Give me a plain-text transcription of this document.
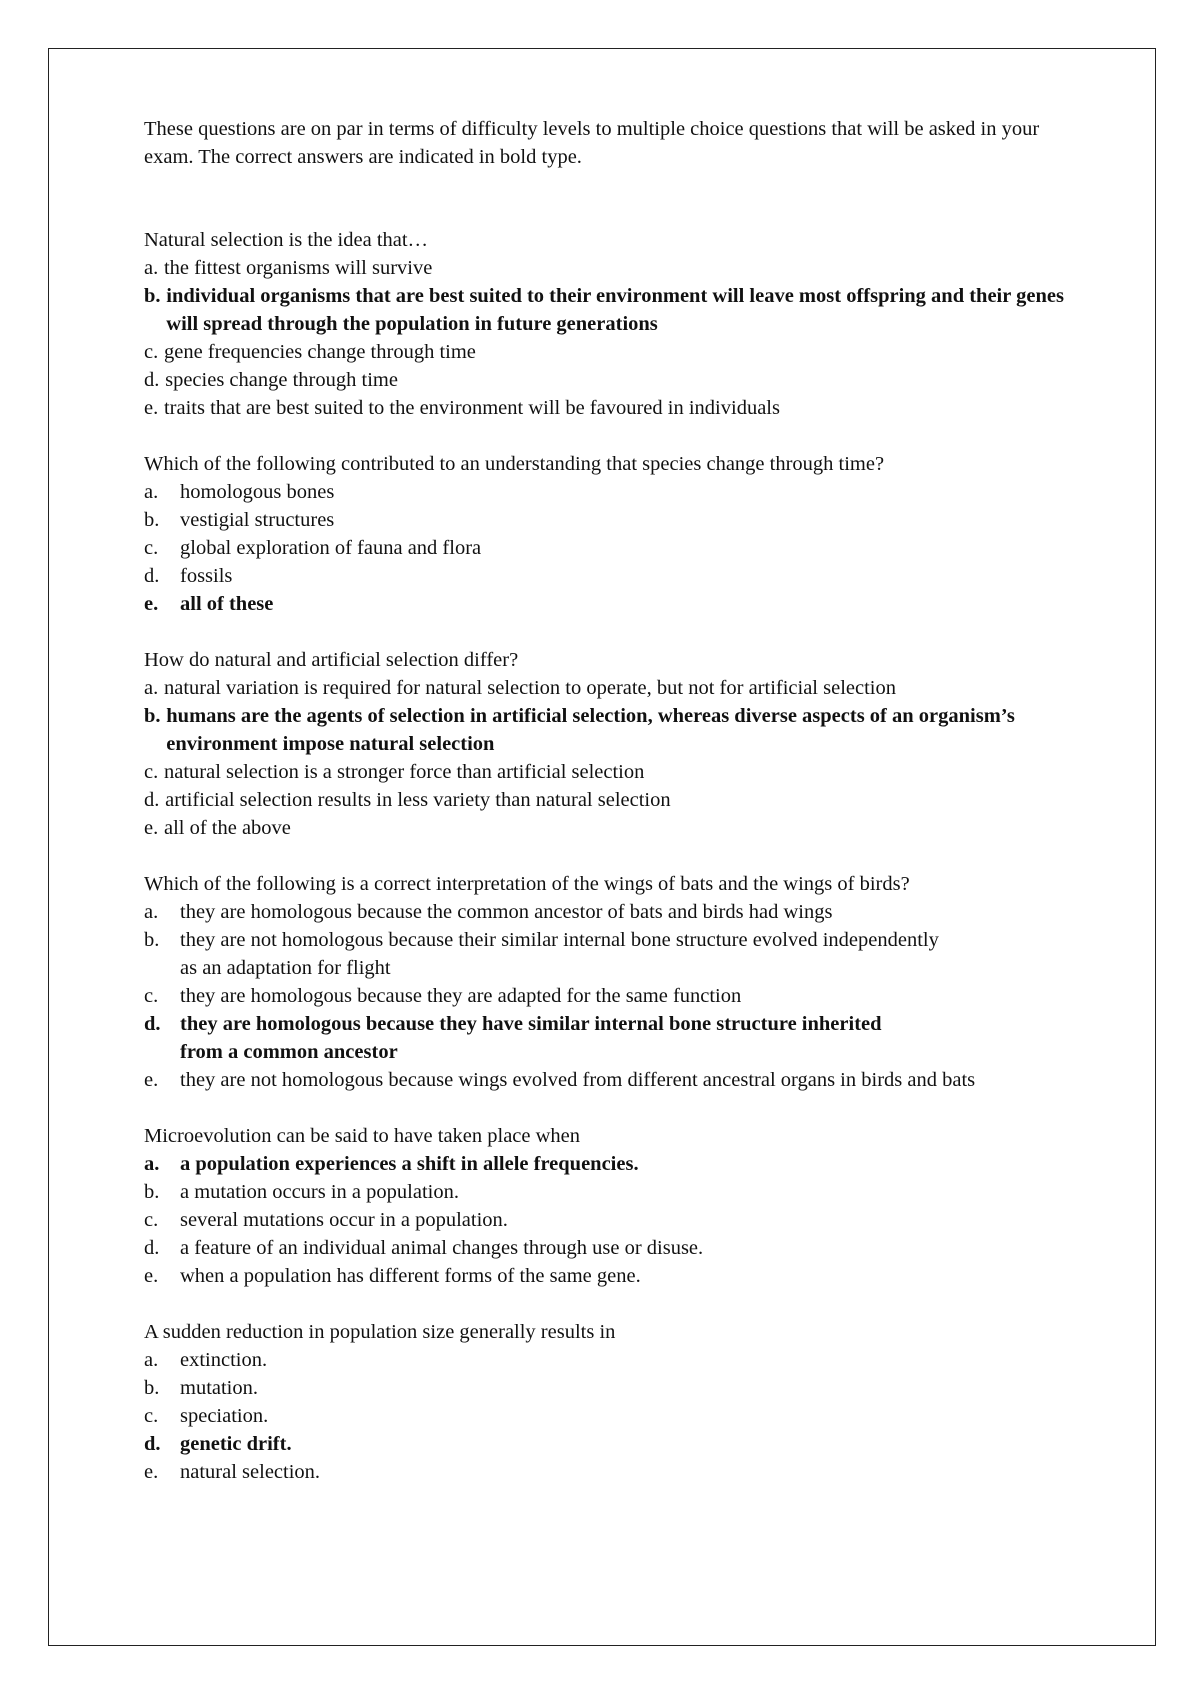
These questions are on par in terms of difficulty levels to multiple choice questions that will be asked in your exam. The correct answers are indicated in bold type.

Natural selection is the idea that…

a. the fittest organisms will survive
b. individual organisms that are best suited to their environment will leave most offspring and their genes will spread through the population in future generations
c. gene frequencies change through time
d. species change through time
e. traits that are best suited to the environment will be favoured in individuals

Which of the following contributed to an understanding that species change through time?

a.	homologous bones
b.	vestigial structures
c.	global exploration of fauna and flora
d.	fossils
e.	all of these

How do natural and artificial selection differ?

a. natural variation is required for natural selection to operate, but not for artificial selection
b. humans are the agents of selection in artificial selection, whereas diverse aspects of an organism’s environment impose natural selection
c. natural selection is a stronger force than artificial selection
d. artificial selection results in less variety than natural selection
e. all of the above

Which of the following is a correct interpretation of the wings of bats and the wings of birds?

a.	they are homologous because the common ancestor of bats and birds had wings
b.	they are not homologous because their similar internal bone structure evolved independently as an adaptation for flight
c.	they are homologous because they are adapted for the same function
d. they are homologous because they have similar internal bone structure inherited from a common ancestor
e.	they are not homologous because wings evolved from different ancestral organs in birds and bats

Microevolution can be said to have taken place when

a.	a population experiences a shift in allele frequencies.
b.	a mutation occurs in a population.
c.	several mutations occur in a population.
d.	a feature of an individual animal changes through use or disuse.
e.	when a population has different forms of the same gene.

A sudden reduction in population size generally results in

a.	extinction.
b.	mutation.
c.	speciation.
d. genetic drift.
e.	natural selection.
